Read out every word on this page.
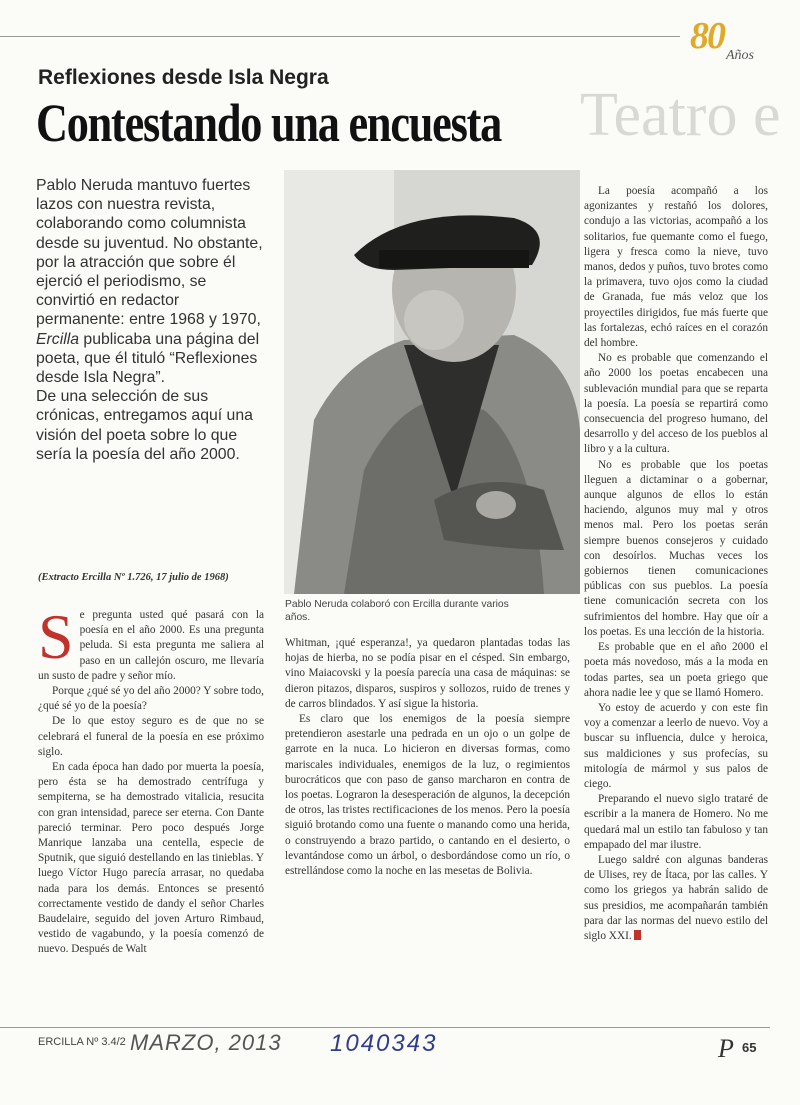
80 Años
Teatro e
Reflexiones desde Isla Negra
Contestando una encuesta
Pablo Neruda mantuvo fuertes lazos con nuestra revista, colaborando como columnista desde su juventud. No obstante, por la atracción que sobre él ejerció el periodismo, se convirtió en redactor permanente: entre 1968 y 1970, Ercilla publicaba una página del poeta, que él tituló “Reflexiones desde Isla Negra”.
De una selección de sus crónicas, entregamos aquí una visión del poeta sobre lo que sería la poesía del año 2000.
(Extracto Ercilla Nº 1.726, 17 julio de 1968)
Pablo Neruda colaboró con Ercilla durante varios años.

Se pregunta usted qué pasará con la poesía en el año 2000. Es una pregunta peluda. Si esta pregunta me saliera al paso en un callejón oscuro, me llevaría un susto de padre y señor mío.

Porque ¿qué sé yo del año 2000? Y sobre todo, ¿qué sé yo de la poesía?

De lo que estoy seguro es de que no se celebrará el funeral de la poesía en ese próximo siglo.

En cada época han dado por muerta la poesía, pero ésta se ha demostrado centrífuga y sempiterna, se ha demostrado vitalicia, resucita con gran intensidad, parece ser eterna. Con Dante pareció terminar. Pero poco después Jorge Manrique lanzaba una centella, especie de Sputnik, que siguió destellando en las tinieblas. Y luego Víctor Hugo parecía arrasar, no quedaba nada para los demás. Entonces se presentó correctamente vestido de dandy el señor Charles Baudelaire, seguido del joven Arturo Rimbaud, vestido de vagabundo, y la poesía comenzó de nuevo. Después de Walt

Whitman, ¡qué esperanza!, ya quedaron plantadas todas las hojas de hierba, no se podía pisar en el césped. Sin embargo, vino Maiacovski y la poesía parecía una casa de máquinas: se dieron pitazos, disparos, suspiros y sollozos, ruido de trenes y de carros blindados. Y así sigue la historia.

Es claro que los enemigos de la poesía siempre pretendieron asestarle una pedrada en un ojo o un golpe de garrote en la nuca. Lo hicieron en diversas formas, como mariscales individuales, enemigos de la luz, o regimientos burocráticos que con paso de ganso marcharon en contra de los poetas. Lograron la desesperación de algunos, la decepción de otros, las tristes rectificaciones de los menos. Pero la poesía siguió brotando como una fuente o manando como una herida, o construyendo a brazo partido, o cantando en el desierto, o levantándose como un árbol, o desbordándose como un río, o estrellándose como la noche en las mesetas de Bolivia.

La poesía acompañó a los agonizantes y restañó los dolores, condujo a las victorias, acompañó a los solitarios, fue quemante como el fuego, ligera y fresca como la nieve, tuvo manos, dedos y puños, tuvo brotes como la primavera, tuvo ojos como la ciudad de Granada, fue más veloz que los proyectiles dirigidos, fue más fuerte que las fortalezas, echó raíces en el corazón del hombre.

No es probable que comenzando el año 2000 los poetas encabecen una sublevación mundial para que se reparta la poesía. La poesía se repartirá como consecuencia del progreso humano, del desarrollo y del acceso de los pueblos al libro y a la cultura.

No es probable que los poetas lleguen a dictaminar o a gobernar, aunque algunos de ellos lo están haciendo, algunos muy mal y otros menos mal. Pero los poetas serán siempre buenos consejeros y cuidado con desoírlos. Muchas veces los gobiernos tienen comunicaciones públicas con sus pueblos. La poesía tiene comunicación secreta con los sufrimientos del hombre. Hay que oír a los poetas. Es una lección de la historia.

Es probable que en el año 2000 el poeta más novedoso, más a la moda en todas partes, sea un poeta griego que ahora nadie lee y que se llamó Homero.

Yo estoy de acuerdo y con este fin voy a comenzar a leerlo de nuevo. Voy a buscar su influencia, dulce y heroica, sus maldiciones y sus profecías, su mitología de mármol y sus palos de ciego.

Preparando el nuevo siglo trataré de escribir a la manera de Homero. No me quedará mal un estilo tan fabuloso y tan empapado del mar ilustre.

Luego saldré con algunas banderas de Ulises, rey de Ítaca, por las calles. Y como los griegos ya habrán salido de sus presidios, me acompañarán también para dar las normas del nuevo estilo del siglo XXI.

ERCILLA Nº 3.4/2 MARZO, 2013 1040343	P 65
